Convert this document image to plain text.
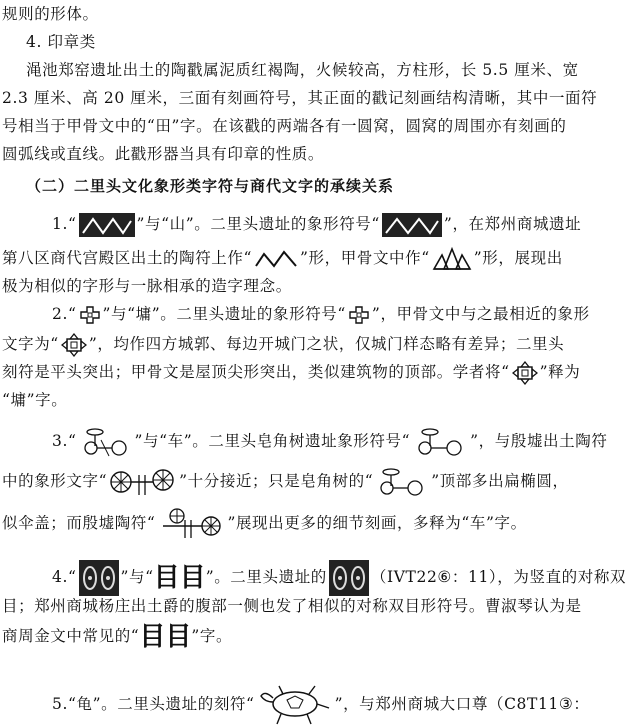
规则的形体。
4. 印章类
渑池郑窑遗址出土的陶戳属泥质红褐陶，火候较高，方柱形，长 5.5 厘米、宽
2.3 厘米、高 20 厘米，三面有刻画符号，其正面的戳记刻画结构清晰，其中一面符
号相当于甲骨文中的“田”字。在该戳的两端各有一圆窝，圆窝的周围亦有刻画的
圆弧线或直线。此戳形器当具有印章的性质。
（二）二里头文化象形类字符与商代文字的承续关系
1.“	”与“山”。二里头遗址的象形符号“	”，在郑州商城遗址
第八区商代宫殿区出土的陶符上作“	”形，甲骨文中作“	”形，展现出
极为相似的字形与一脉相承的造字理念。
2.“ ”与“墉”。二里头遗址的象形符号“ ”，甲骨文中与之最相近的象形
文字为“ ”，均作四方城郭、每边开城门之状，仅城门样态略有差异；二里头
刻符是平头突出；甲骨文是屋顶尖形突出，类似建筑物的顶部。学者将“ ”释为
“墉”字。
3.“	”与“车”。二里头皂角树遗址象形符号“	”，与殷墟出土陶符
中的象形文字“	”十分接近；只是皂角树的“	”顶部多出扁椭圆，
似伞盖；而殷墟陶符“	”展现出更多的细节刻画，多释为“车”字。
4.“	”与“目目”。二里头遗址的	（IVT22⑥：11），为竖直的对称双
目；郑州商城杨庄出土爵的腹部一侧也发了相似的对称双目形符号。曹淑琴认为是
商周金文中常见的“目目”字。
5.“龟”。二里头遗址的刻符“	”，与郑州商城大口尊（C8T11③：
